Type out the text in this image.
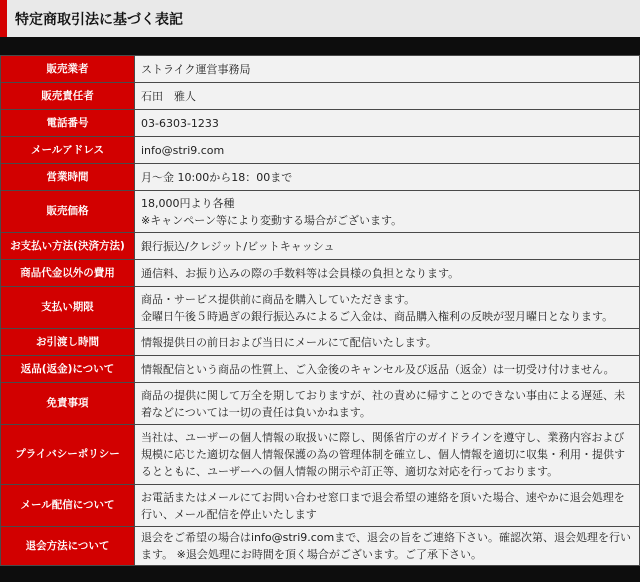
特定商取引法に基づく表記
販売業者	ストライク運営事務局

販売責任者	石田　雅人

電話番号	03-6303-1233

メールアドレス	info@stri9.com

営業時間	月〜金 10:00から18：00まで

販売価格	18,000円より各種
※キャンペーン等により変動する場合がございます。

お支払い方法(決済方法)	銀行振込/クレジット/ビットキャッシュ

商品代金以外の費用	通信料、お振り込みの際の手数料等は会員様の負担となります。

支払い期限	商品・サービス提供前に商品を購入していただきます。
金曜日午後５時過ぎの銀行振込みによるご入金は、商品購入権利の反映が翌月曜日となります。

お引渡し時間	情報提供日の前日および当日にメールにて配信いたします。

返品(返金)について	情報配信という商品の性質上、ご入金後のキャンセル及び返品（返金）は一切受け付けません。

免責事項	商品の提供に関して万全を期しておりますが、社の責めに帰すことのできない事由による遅延、未着などについては一切の責任は負いかねます。

プライバシーポリシー	当社は、ユーザーの個人情報の取扱いに際し、関係省庁のガイドラインを遵守し、業務内容および規模に応じた適切な個人情報保護の為の管理体制を確立し、個人情報を適切に収集・利用・提供するとともに、ユーザーへの個人情報の開示や訂正等、適切な対応を行っております。

メール配信について	お電話またはメールにてお問い合わせ窓口まで退会希望の連絡を頂いた場合、速やかに退会処理を行い、メール配信を停止いたします

退会方法について	退会をご希望の場合はinfo@stri9.comまで、退会の旨をご連絡下さい。確認次第、退会処理を行います。 ※退会処理にお時間を頂く場合がございます。ご了承下さい。
